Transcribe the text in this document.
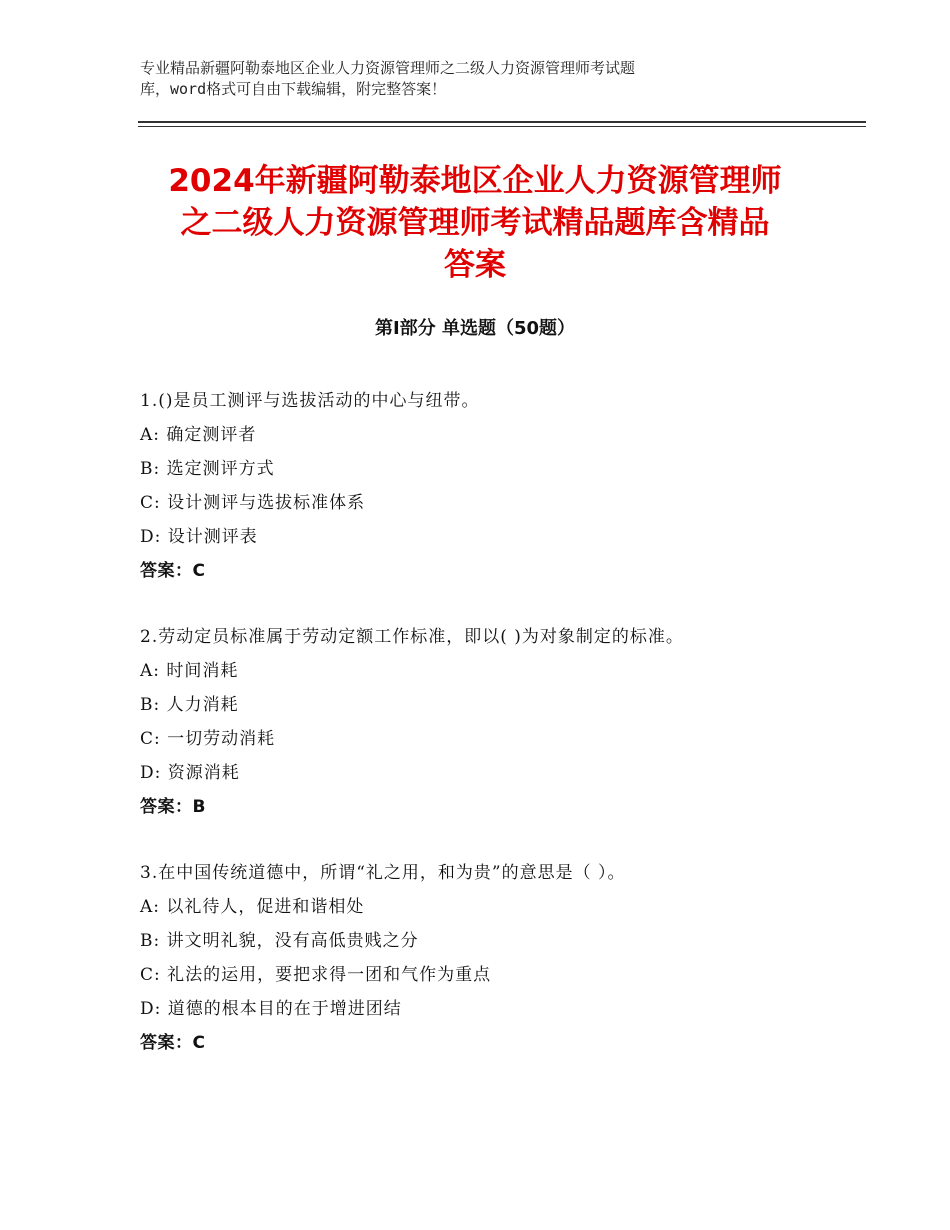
专业精品新疆阿勒泰地区企业人力资源管理师之二级人力资源管理师考试题
库，word格式可自由下载编辑，附完整答案！
2024年新疆阿勒泰地区企业人力资源管理师
之二级人力资源管理师考试精品题库含精品
答案
第Ⅰ部分 单选题（50题）
1.()是员工测评与选拔活动的中心与纽带。
A: 确定测评者
B: 选定测评方式
C: 设计测评与选拔标准体系
D: 设计测评表
答案：C
2.劳动定员标准属于劳动定额工作标准，即以( )为对象制定的标准。
A: 时间消耗
B: 人力消耗
C: 一切劳动消耗
D: 资源消耗
答案：B
3.在中国传统道德中，所谓“礼之用，和为贵”的意思是（ ）。
A: 以礼待人，促进和谐相处
B: 讲文明礼貌，没有高低贵贱之分
C: 礼法的运用，要把求得一团和气作为重点
D: 道德的根本目的在于增进团结
答案：C
